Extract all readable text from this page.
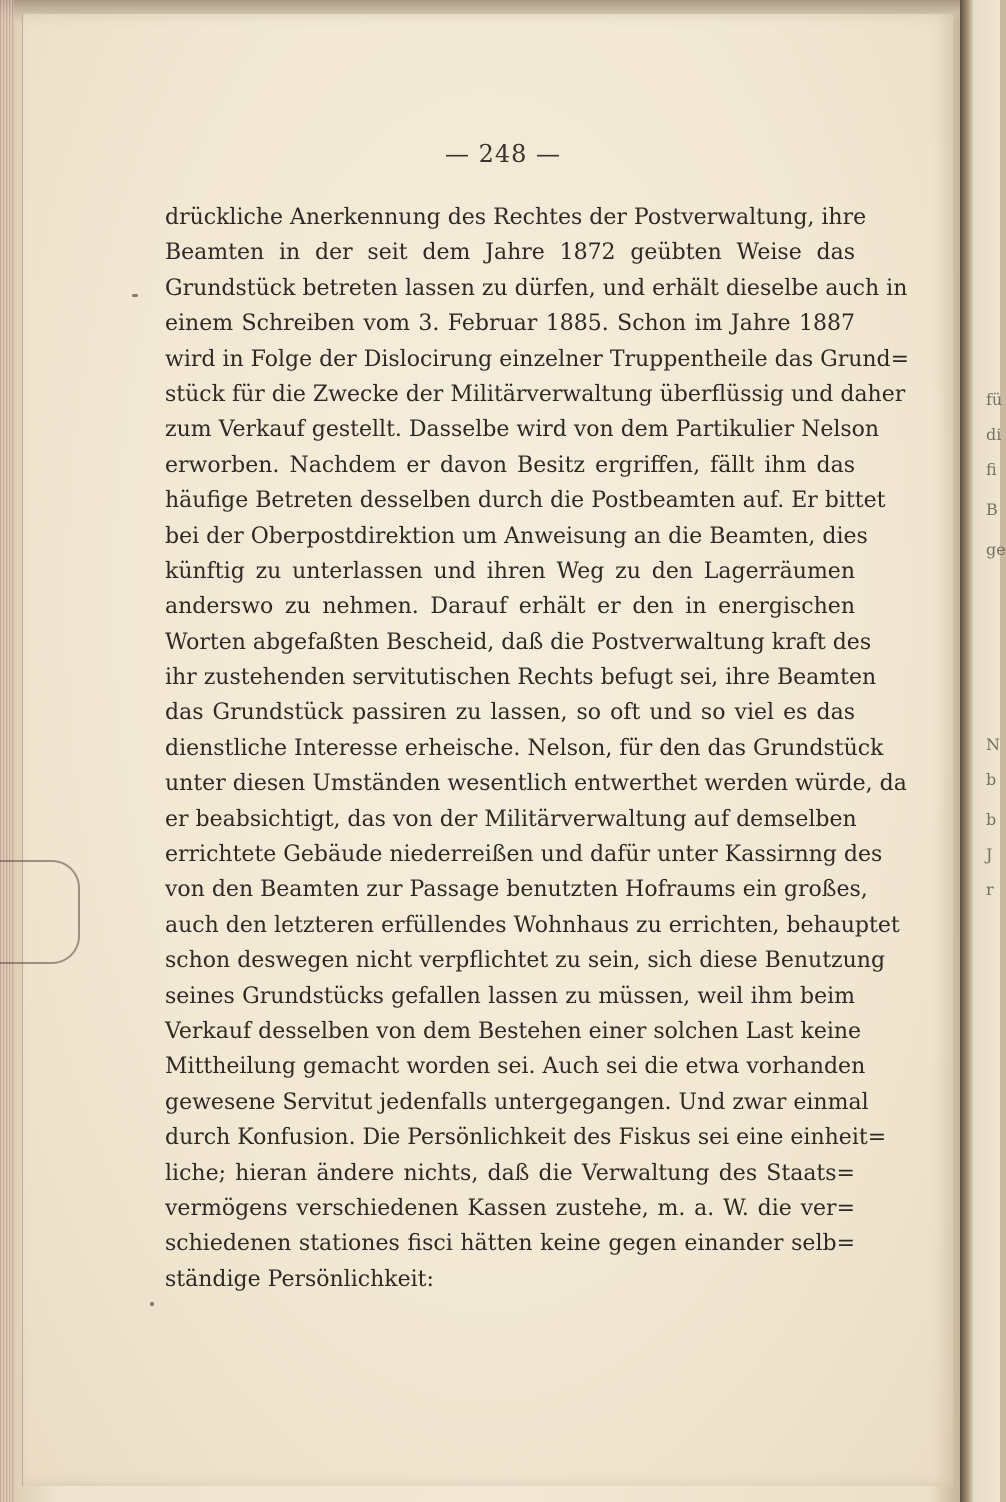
— 248 —
drückliche Anerkennung des Rechtes der Postverwaltung, ihre
Beamten in der seit dem Jahre 1872 geübten Weise das
Grundstück betreten lassen zu dürfen, und erhält dieselbe auch in
einem Schreiben vom 3. Februar 1885. Schon im Jahre 1887
wird in Folge der Dislocirung einzelner Truppentheile das Grund=
stück für die Zwecke der Militärverwaltung überflüssig und daher
zum Verkauf gestellt. Dasselbe wird von dem Partikulier Nelson
erworben. Nachdem er davon Besitz ergriffen, fällt ihm das
häufige Betreten desselben durch die Postbeamten auf. Er bittet
bei der Oberpostdirektion um Anweisung an die Beamten, dies
künftig zu unterlassen und ihren Weg zu den Lagerräumen
anderswo zu nehmen. Darauf erhält er den in energischen
Worten abgefaßten Bescheid, daß die Postverwaltung kraft des
ihr zustehenden servitutischen Rechts befugt sei, ihre Beamten
das Grundstück passiren zu lassen, so oft und so viel es das
dienstliche Interesse erheische. Nelson, für den das Grundstück
unter diesen Umständen wesentlich entwerthet werden würde, da
er beabsichtigt, das von der Militärverwaltung auf demselben
errichtete Gebäude niederreißen und dafür unter Kassirnng des
von den Beamten zur Passage benutzten Hofraums ein großes,
auch den letzteren erfüllendes Wohnhaus zu errichten, behauptet
schon deswegen nicht verpflichtet zu sein, sich diese Benutzung
seines Grundstücks gefallen lassen zu müssen, weil ihm beim
Verkauf desselben von dem Bestehen einer solchen Last keine
Mittheilung gemacht worden sei. Auch sei die etwa vorhanden
gewesene Servitut jedenfalls untergegangen. Und zwar einmal
durch Konfusion. Die Persönlichkeit des Fiskus sei eine einheit=
liche; hieran ändere nichts, daß die Verwaltung des Staats=
vermögens verschiedenen Kassen zustehe, m. a. W. die ver=
schiedenen stationes fisci hätten keine gegen einander selb=
ständige Persönlichkeit:
fü
di
fi
B
ge
N
b
b
J
r
